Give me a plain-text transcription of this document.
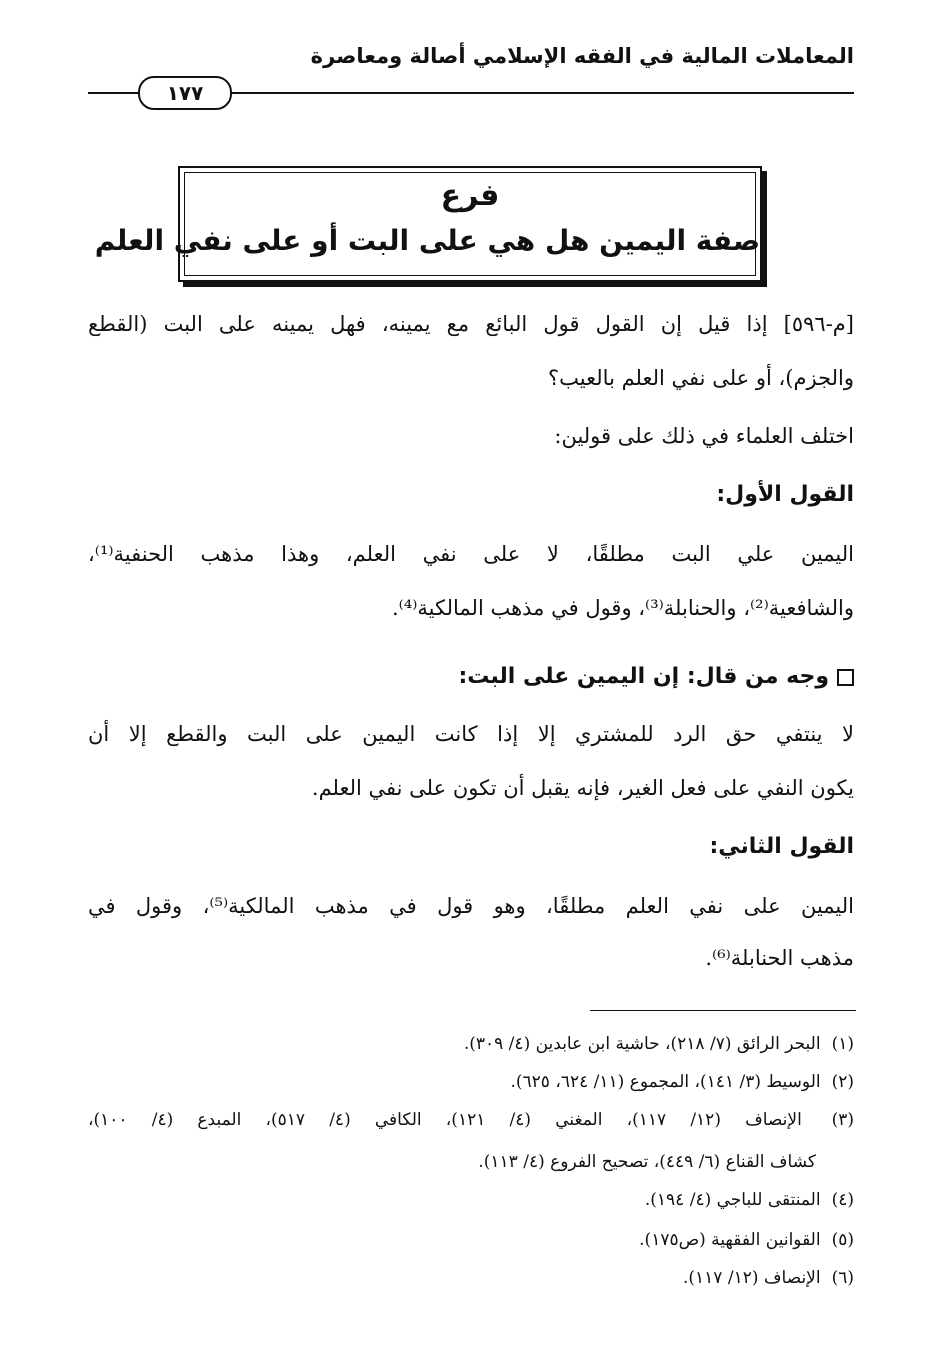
المعاملات المالية في الفقه الإسلامي أصالة ومعاصرة
١٧٧
فرع
صفة اليمين هل هي على البت أو على نفي العلم
[م-٥٩٦] إذا قيل إن القول قول البائع مع يمينه، فهل يمينه على البت (القطع
والجزم)، أو على نفي العلم بالعيب؟
اختلف العلماء في ذلك على قولين:
القول الأول:
اليمين علي البت مطلقًا، لا على نفي العلم، وهذا مذهب الحنفية⁽¹⁾،
والشافعية⁽²⁾، والحنابلة⁽³⁾، وقول في مذهب المالكية⁽⁴⁾.
وجه من قال: إن اليمين على البت:
لا ينتفي حق الرد للمشتري إلا إذا كانت اليمين على البت والقطع إلا أن
يكون النفي على فعل الغير، فإنه يقبل أن تكون على نفي العلم.
القول الثاني:
اليمين على نفي العلم مطلقًا، وهو قول في مذهب المالكية⁽⁵⁾، وقول في
مذهب الحنابلة⁽⁶⁾.
(١) البحر الرائق (٧/ ٢١٨)، حاشية ابن عابدين (٤/ ٣٠٩).
(٢) الوسيط (٣/ ١٤١)، المجموع (١١/ ٦٢٤، ٦٢٥).
(٣) الإنصاف (١٢/ ١١٧)، المغني (٤/ ١٢١)، الكافي (٤/ ٥١٧)، المبدع (٤/ ١٠٠)،
كشاف القناع (٦/ ٤٤٩)، تصحيح الفروع (٤/ ١١٣).
(٤) المنتقى للباجي (٤/ ١٩٤).
(٥) القوانين الفقهية (ص١٧٥).
(٦) الإنصاف (١٢/ ١١٧).
